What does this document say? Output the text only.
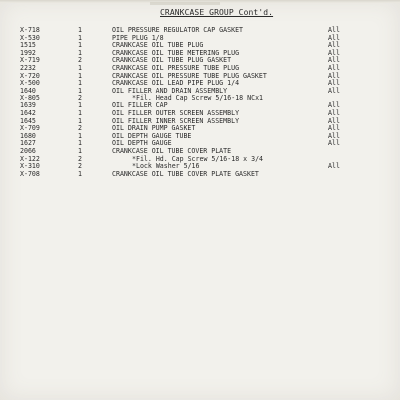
CRANKCASE GROUP Cont'd.
X-718	1	OIL PRESSURE REGULATOR CAP GASKET	All
X-530	1	PIPE PLUG 1/8	All
1515	1	CRANKCASE OIL TUBE PLUG	All
1992	1	CRANKCASE OIL TUBE METERING PLUG	All
X-719	2	CRANKCASE OIL TUBE PLUG GASKET	All
2232	1	CRANKCASE OIL PRESSURE TUBE PLUG	All
X-720	1	CRANKCASE OIL PRESSURE TUBE PLUG GASKET	All
X-500	1	CRANKCASE OIL LEAD PIPE PLUG 1/4	All
1640	1	OIL FILLER AND DRAIN ASSEMBLY	All
X-805	2	*Fil. Head Cap Screw 5/16-18 NCx1
1639	1	OIL FILLER CAP	All
1642	1	OIL FILLER OUTER SCREEN ASSEMBLY	All
1645	1	OIL FILLER INNER SCREEN ASSEMBLY	All
X-709	2	OIL DRAIN PUMP GASKET	All
1680	1	OIL DEPTH GAUGE TUBE	All
1627	1	OIL DEPTH GAUGE	All
2066	1	CRANKCASE OIL TUBE COVER PLATE
X-122	2	*Fil. Hd. Cap Screw 5/16-18 x 3/4
X-310	2	*Lock Washer 5/16	All
X-708	1	CRANKCASE OIL TUBE COVER PLATE GASKET
